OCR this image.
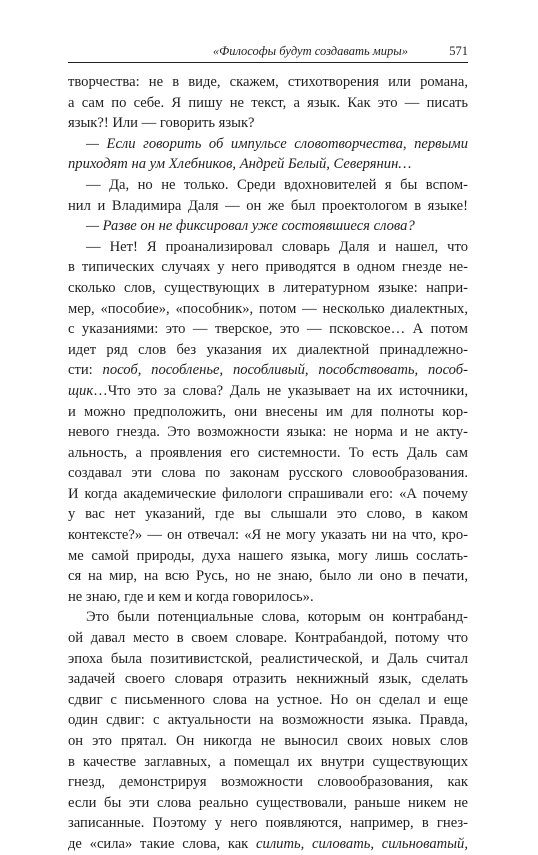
«Философы будут создавать миры»	571
творчества: не в виде, скажем, стихотворения или романа,
а сам по себе. Я пишу не текст, а язык. Как это — писать
язык?! Или — говорить язык?
— Если говорить об импульсе словотворчества, первыми
приходят на ум Хлебников, Андрей Белый, Северянин…
— Да, но не только. Среди вдохновителей я бы вспом-
нил и Владимира Даля — он же был проектологом в языке!
— Разве он не фиксировал уже состоявшиеся слова?
— Нет! Я проанализировал словарь Даля и нашел, что
в типических случаях у него приводятся в одном гнезде не-
сколько слов, существующих в литературном языке: напри-
мер, «пособие», «пособник», потом — несколько диалектных,
с указаниями: это — тверское, это — псковское… А потом
идет ряд слов без указания их диалектной принадлежно-
сти: пособ, пособленье, пособливый, пособствовать, пособ-
щик…Что это за слова? Даль не указывает на их источники,
и можно предположить, они внесены им для полноты кор-
невого гнезда. Это возможности языка: не норма и не акту-
альность, а проявления его системности. То есть Даль сам
создавал эти слова по законам русского словообразования.
И когда академические филологи спрашивали его: «А почему
у вас нет указаний, где вы слышали это слово, в каком
контексте?» — он отвечал: «Я не могу указать ни на что, кро-
ме самой природы, духа нашего языка, могу лишь сослать-
ся на мир, на всю Русь, но не знаю, было ли оно в печати,
не знаю, где и кем и когда говорилось».
Это были потенциальные слова, которым он контрабанд-
ой давал место в своем словаре. Контрабандой, потому что
эпоха была позитивистской, реалистической, и Даль считал
задачей своего словаря отразить некнижный язык, сделать
сдвиг с письменного слова на устное. Но он сделал и еще
один сдвиг: с актуальности на возможности языка. Правда,
он это прятал. Он никогда не выносил своих новых слов
в качестве заглавных, а помещал их внутри существующих
гнезд, демонстрируя возможности словообразования, как
если бы эти слова реально существовали, раньше никем не
записанные. Поэтому у него появляются, например, в гнез-
де «сила» такие слова, как силить, силовать, сильноватый,
